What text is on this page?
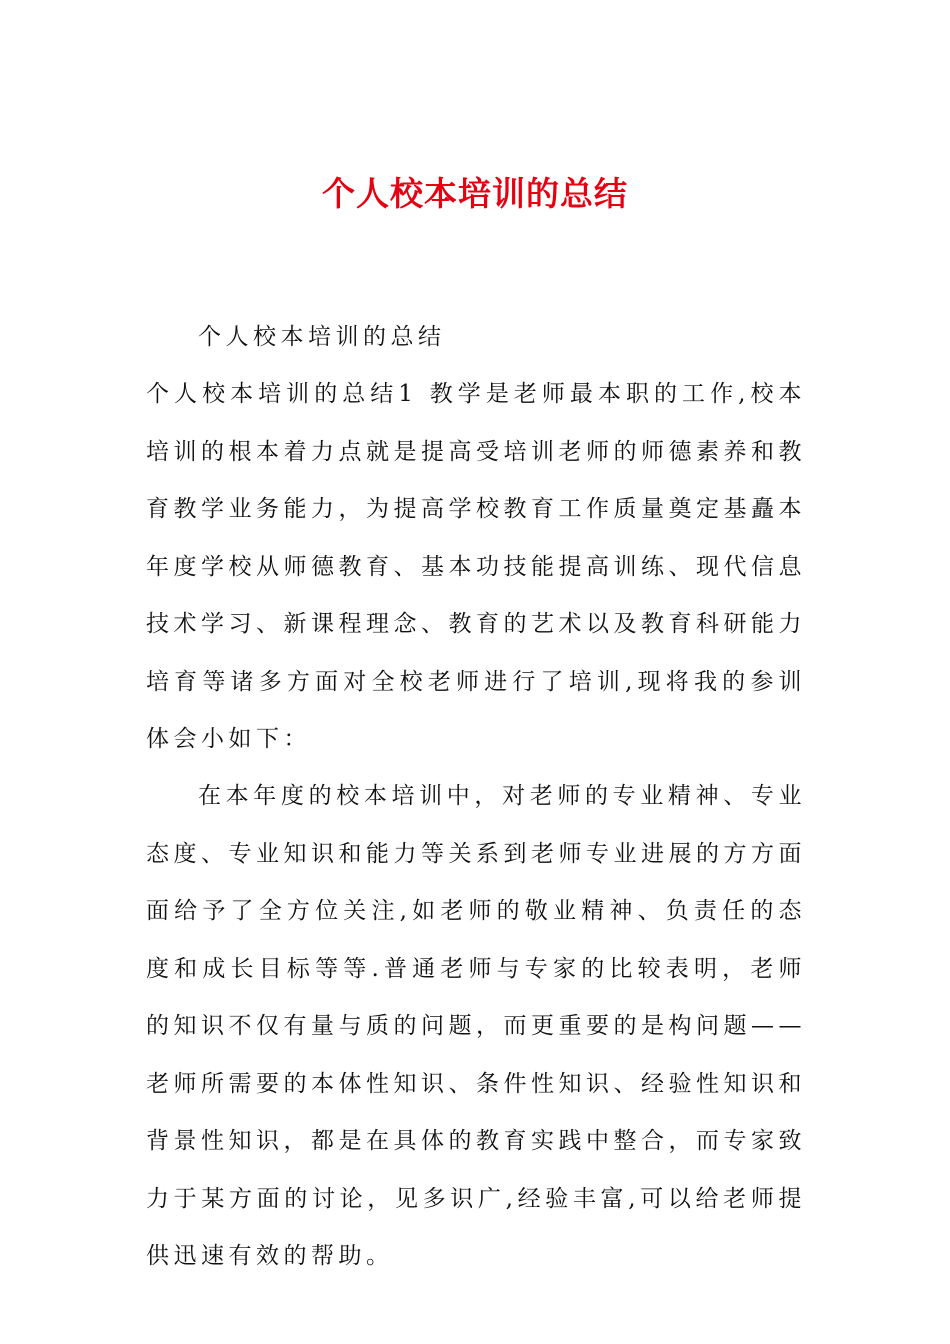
个人校本培训的总结

个人校本培训的总结

个人校本培训的总结1 教学是老师最本职的工作,校本培训的根本着力点就是提高受培训老师的师德素养和教育教学业务能力，为提高学校教育工作质量奠定基矗本年度学校从师德教育、基本功技能提高训练、现代信息技术学习、新课程理念、教育的艺术以及教育科研能力培育等诸多方面对全校老师进行了培训,现将我的参训体会小如下：

在本年度的校本培训中，对老师的专业精神、专业态度、专业知识和能力等关系到老师专业进展的方方面面给予了全方位关注,如老师的敬业精神、负责任的态度和成长目标等等.普通老师与专家的比较表明，老师的知识不仅有量与质的问题，而更重要的是构问题——老师所需要的本体性知识、条件性知识、经验性知识和背景性知识，都是在具体的教育实践中整合，而专家致力于某方面的讨论，见多识广,经验丰富,可以给老师提供迅速有效的帮助。
